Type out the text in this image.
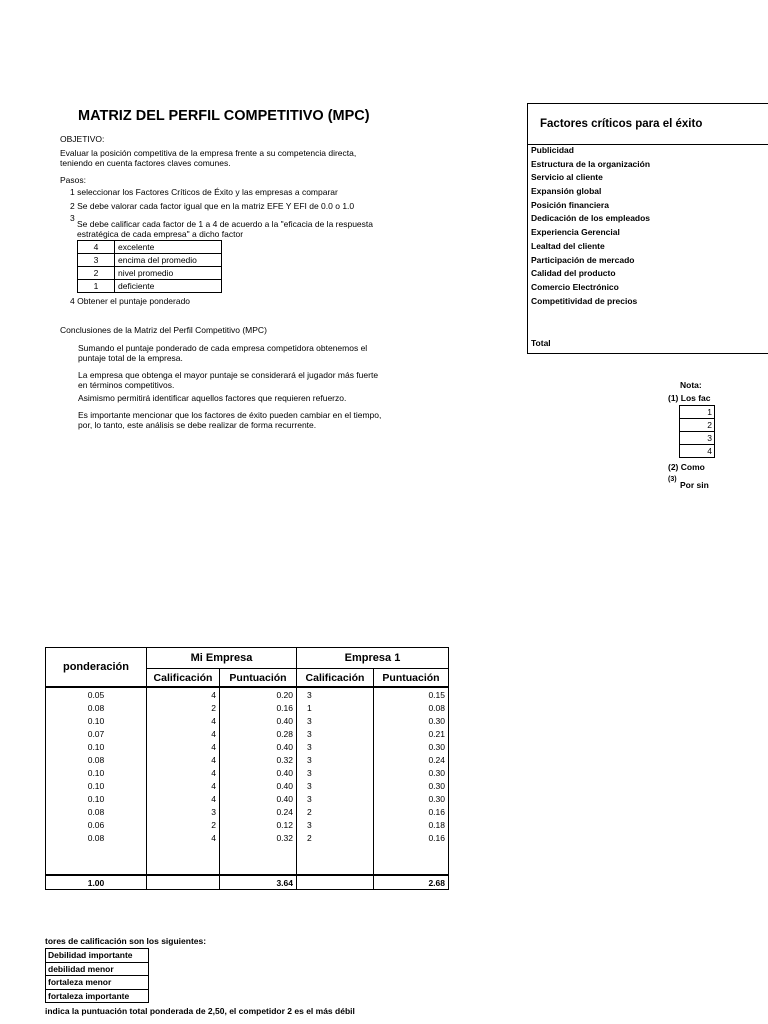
MATRIZ DEL PERFIL COMPETITIVO (MPC)
OBJETIVO:
Evaluar la posición competitiva de la empresa frente a su competencia directa,
teniendo en cuenta factores claves comunes.
Pasos:
1 seleccionar los Factores Críticos de Éxito y las empresas a comparar
2 Se debe valorar cada factor igual que en la matriz EFE Y EFI de 0.0 o 1.0
3
Se debe calificar cada factor de 1 a 4 de acuerdo a la "eficacia de la respuesta
estratégica de cada empresa" a dicho factor
4	excelente
3	encima del promedio
2	nivel promedio
1	deficiente
4 Obtener el puntaje ponderado
Conclusiones de la Matriz del Perfil Competitivo (MPC)
Sumando el puntaje ponderado de cada empresa competidora obtenemos el
puntaje total de la empresa.
La empresa que obtenga el mayor puntaje se considerará el jugador más fuerte
en términos competitivos.
Asimismo permitirá identificar aquellos factores que requieren refuerzo.
Es importante mencionar que los factores de éxito pueden cambiar en el tiempo,
por, lo tanto, este análisis se debe realizar de forma recurrente.
Factores críticos para el éxito
Publicidad
Estructura de la organización
Servicio al cliente
Expansión global
Posición financiera
Dedicación de los empleados
Experiencia Gerencial
Lealtad del cliente
Participación de mercado
Calidad del producto
Comercio Electrónico
Competitividad de precios
Total
Nota:
(1) Los fac
1
2
3
4
(2) Como
(3)
Por sin
ponderación	Mi Empresa		Empresa 1	
	Calificación	Puntuación	Calificación	Puntuación
0.05	4	0.20	3	0.15
0.08	2	0.16	1	0.08
0.10	4	0.40	3	0.30
0.07	4	0.28	3	0.21
0.10	4	0.40	3	0.30
0.08	4	0.32	3	0.24
0.10	4	0.40	3	0.30
0.10	4	0.40	3	0.30
0.10	4	0.40	3	0.30
0.08	3	0.24	2	0.16
0.06	2	0.12	3	0.18
0.08	4	0.32	2	0.16

1.00		3.64		2.68
tores de calificación son los siguientes:
Debilidad importante
debilidad menor
fortaleza menor
fortaleza importante
indica la puntuación total ponderada de 2,50, el competidor 2 es el más débil
